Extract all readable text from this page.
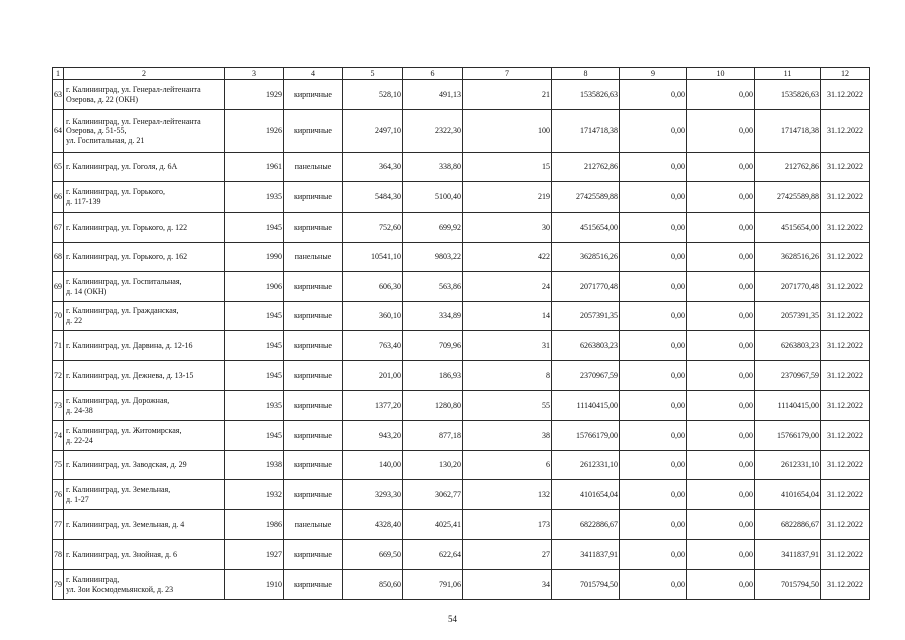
1	2	3	4	5	6	7	8	9	10	11	12
63	г. Калининград, ул. Генерал-лейтенанта
Озерова, д. 22 (ОКН)	1929	кирпичные	528,10	491,13	21	1535826,63	0,00	0,00	1535826,63	31.12.2022
64	г. Калининград, ул. Генерал-лейтенанта
Озерова, д. 51-55,
ул. Госпитальная, д. 21	1926	кирпичные	2497,10	2322,30	100	1714718,38	0,00	0,00	1714718,38	31.12.2022
65	г. Калининград, ул. Гоголя, д. 6А	1961	панельные	364,30	338,80	15	212762,86	0,00	0,00	212762,86	31.12.2022
66	г. Калининград, ул. Горького,
д. 117-139	1935	кирпичные	5484,30	5100,40	219	27425589,88	0,00	0,00	27425589,88	31.12.2022
67	г. Калининград, ул. Горького, д. 122	1945	кирпичные	752,60	699,92	30	4515654,00	0,00	0,00	4515654,00	31.12.2022
68	г. Калининград, ул. Горького, д. 162	1990	панельные	10541,10	9803,22	422	3628516,26	0,00	0,00	3628516,26	31.12.2022
69	г. Калининград, ул. Госпитальная,
д. 14 (ОКН)	1906	кирпичные	606,30	563,86	24	2071770,48	0,00	0,00	2071770,48	31.12.2022
70	г. Калининград, ул. Гражданская,
д. 22	1945	кирпичные	360,10	334,89	14	2057391,35	0,00	0,00	2057391,35	31.12.2022
71	г. Калининград, ул. Дарвина, д. 12-16	1945	кирпичные	763,40	709,96	31	6263803,23	0,00	0,00	6263803,23	31.12.2022
72	г. Калининград, ул. Дежнева, д. 13-15	1945	кирпичные	201,00	186,93	8	2370967,59	0,00	0,00	2370967,59	31.12.2022
73	г. Калининград, ул. Дорожная,
д. 24-38	1935	кирпичные	1377,20	1280,80	55	11140415,00	0,00	0,00	11140415,00	31.12.2022
74	г. Калининград, ул. Житомирская,
д. 22-24	1945	кирпичные	943,20	877,18	38	15766179,00	0,00	0,00	15766179,00	31.12.2022
75	г. Калининград, ул. Заводская, д. 29	1938	кирпичные	140,00	130,20	6	2612331,10	0,00	0,00	2612331,10	31.12.2022
76	г. Калининград, ул. Земельная,
д. 1-27	1932	кирпичные	3293,30	3062,77	132	4101654,04	0,00	0,00	4101654,04	31.12.2022
77	г. Калининград, ул. Земельная, д. 4	1986	панельные	4328,40	4025,41	173	6822886,67	0,00	0,00	6822886,67	31.12.2022
78	г. Калининград, ул. Знойная, д. 6	1927	кирпичные	669,50	622,64	27	3411837,91	0,00	0,00	3411837,91	31.12.2022
79	г. Калининград,
ул. Зои Космодемьянской, д. 23	1910	кирпичные	850,60	791,06	34	7015794,50	0,00	0,00	7015794,50	31.12.2022
54
